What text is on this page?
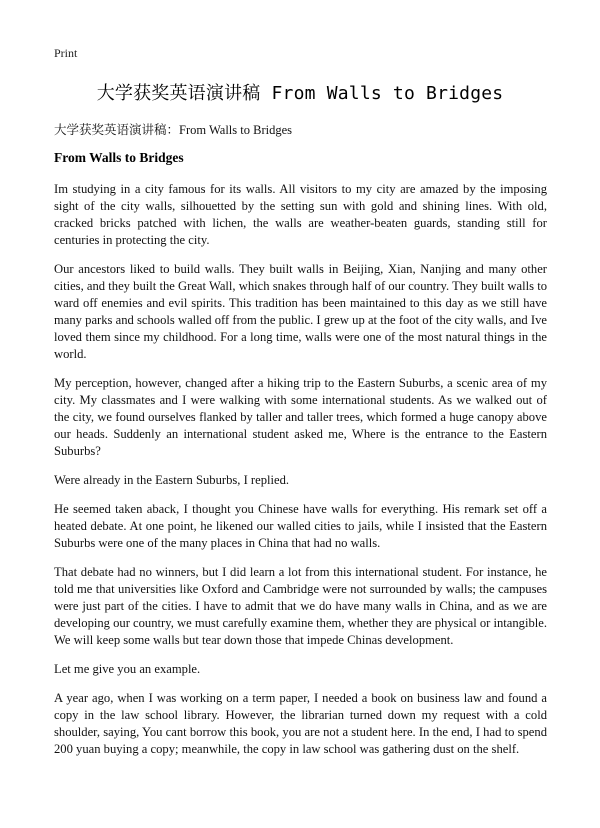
Print
大学获奖英语演讲稿 From Walls to Bridges
大学获奖英语演讲稿：From Walls to Bridges
From Walls to Bridges

Im studying in a city famous for its walls. All visitors to my city are amazed by the imposing sight of the city walls, silhouetted by the setting sun with gold and shining lines. With old, cracked bricks patched with lichen, the walls are weather-beaten guards, standing still for centuries in protecting the city.

Our ancestors liked to build walls. They built walls in Beijing, Xian, Nanjing and many other cities, and they built the Great Wall, which snakes through half of our country. They built walls to ward off enemies and evil spirits. This tradition has been maintained to this day as we still have many parks and schools walled off from the public. I grew up at the foot of the city walls, and Ive loved them since my childhood. For a long time, walls were one of the most natural things in the world.

My perception, however, changed after a hiking trip to the Eastern Suburbs, a scenic area of my city. My classmates and I were walking with some international students. As we walked out of the city, we found ourselves flanked by taller and taller trees, which formed a huge canopy above our heads. Suddenly an international student asked me, Where is the entrance to the Eastern Suburbs?

Were already in the Eastern Suburbs, I replied.

He seemed taken aback, I thought you Chinese have walls for everything. His remark set off a heated debate. At one point, he likened our walled cities to jails, while I insisted that the Eastern Suburbs were one of the many places in China that had no walls.

That debate had no winners, but I did learn a lot from this international student. For instance, he told me that universities like Oxford and Cambridge were not surrounded by walls; the campuses were just part of the cities. I have to admit that we do have many walls in China, and as we are developing our country, we must carefully examine them, whether they are physical or intangible. We will keep some walls but tear down those that impede Chinas development.

Let me give you an example.

A year ago, when I was working on a term paper, I needed a book on business law and found a copy in the law school library. However, the librarian turned down my request with a cold shoulder, saying, You cant borrow this book, you are not a student here. In the end, I had to spend 200 yuan buying a copy; meanwhile, the copy in law school was gathering dust on the shelf.
